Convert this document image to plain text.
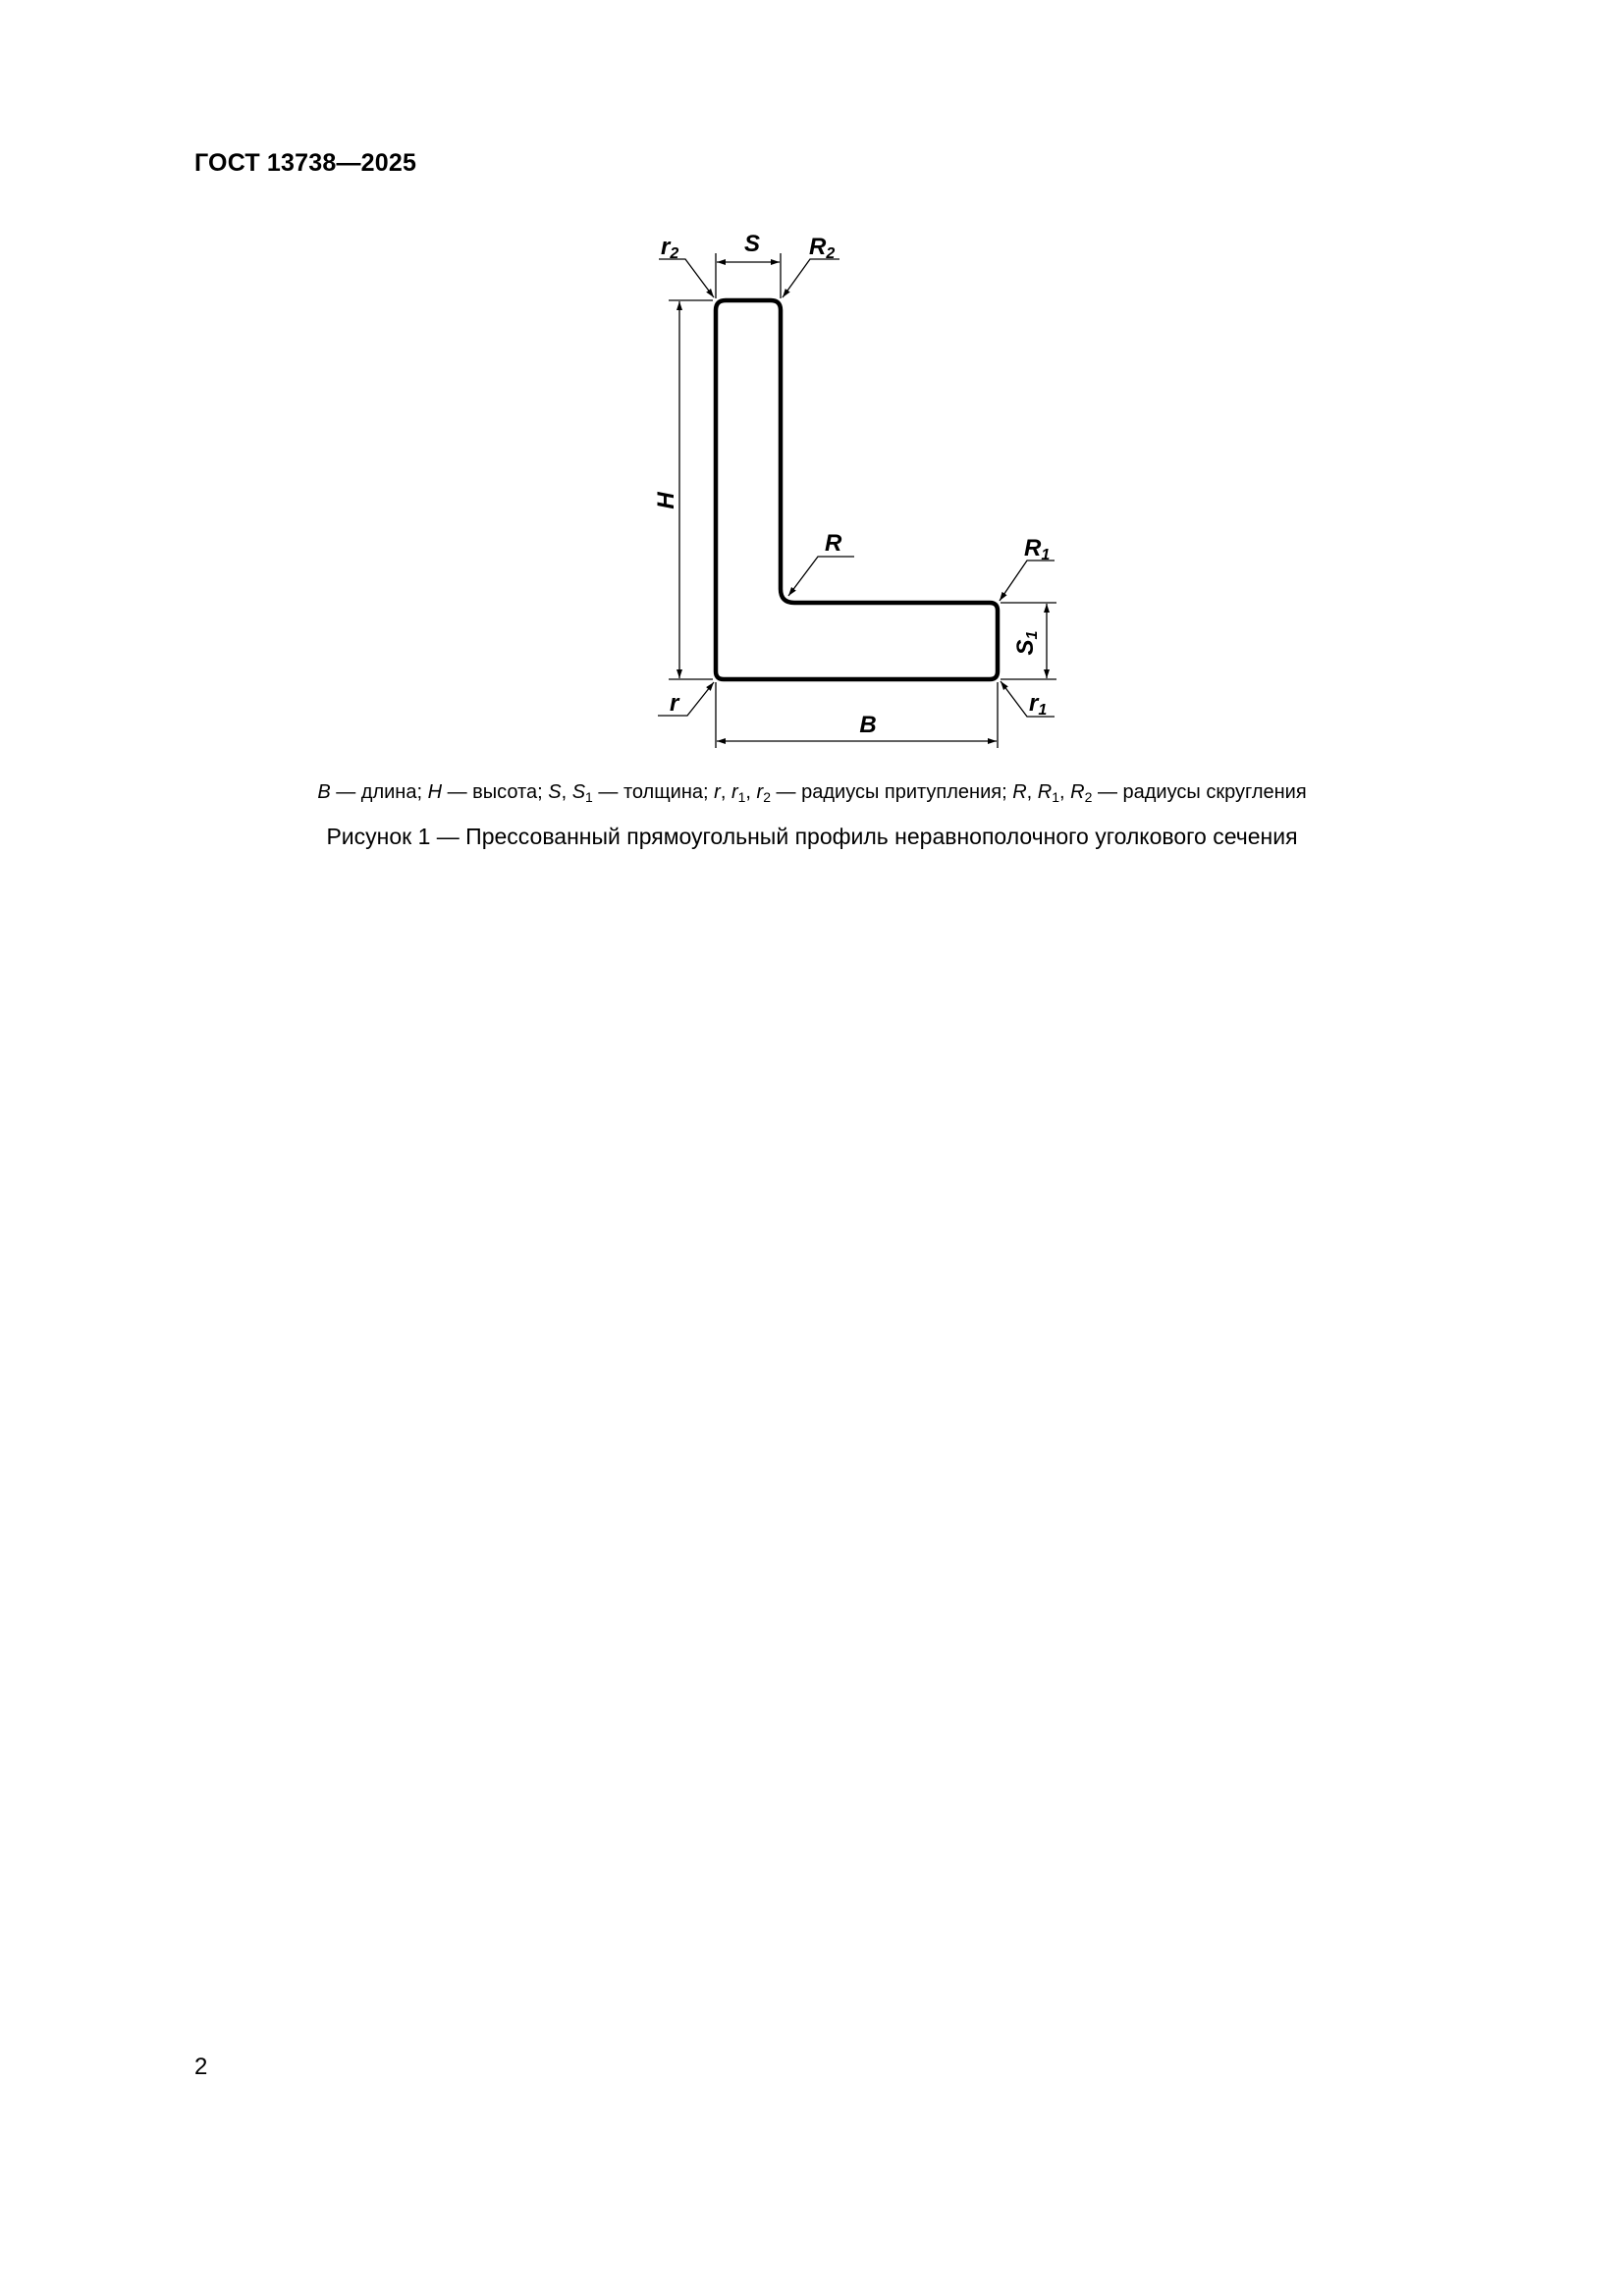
ГОСТ 13738—2025
S
r2	R2
H
R	R1
S1
r	r1
B
B — длина; H — высота; S, $S_1$ — толщина; r, $r_1$, $r_2$ — радиусы притупления; R, $R_1$, $R_2$ — радиусы скругления
Рисунок 1 — Прессованный прямоугольный профиль неравнополочного уголкового сечения
2
